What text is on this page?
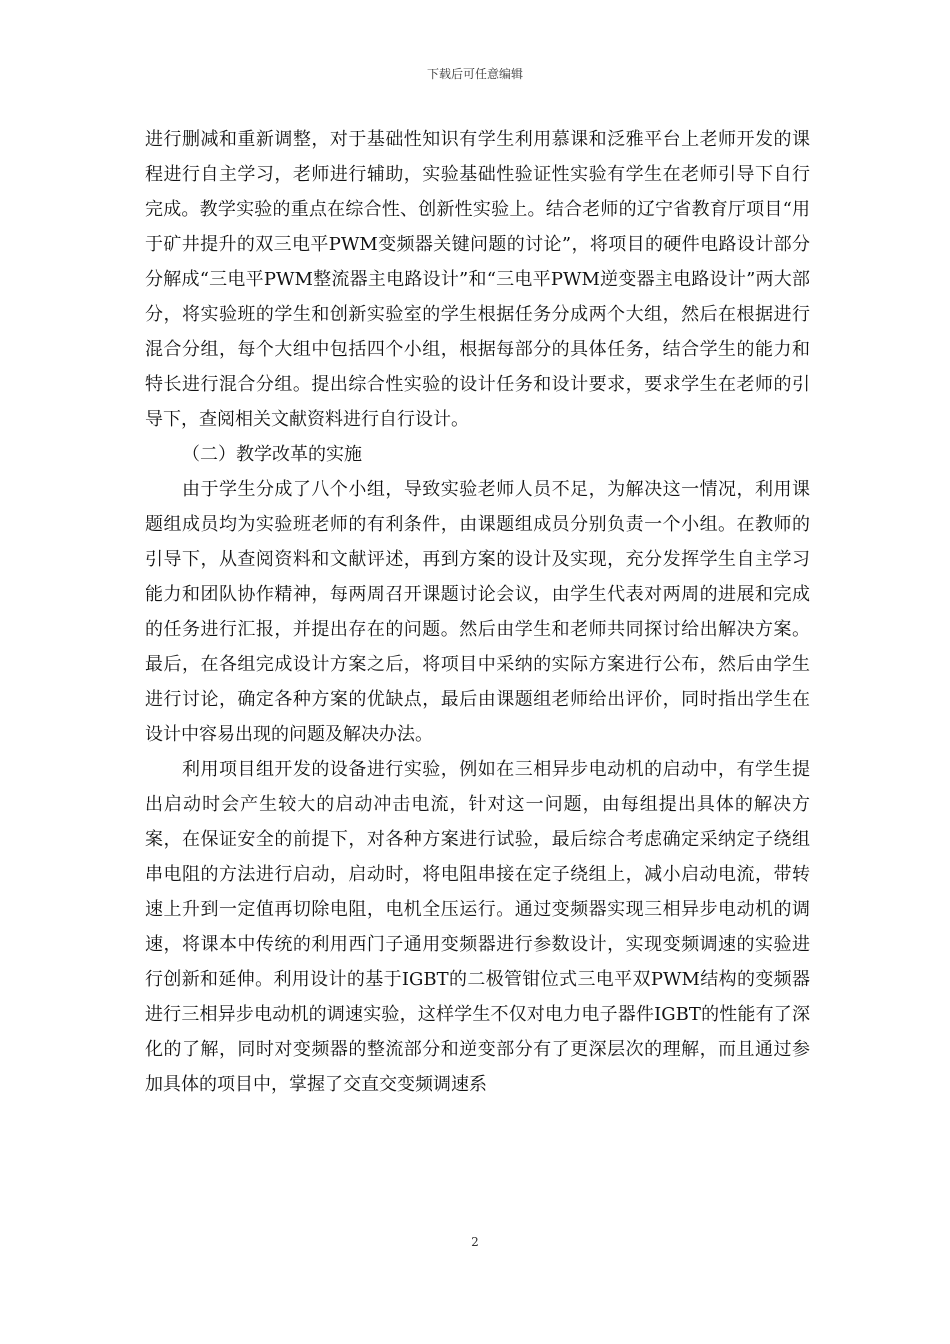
下载后可任意编辑

进行删减和重新调整，对于基础性知识有学生利用慕课和泛雅平台上老师开发的课程进行自主学习，老师进行辅助，实验基础性验证性实验有学生在老师引导下自行完成。教学实验的重点在综合性、创新性实验上。结合老师的辽宁省教育厅项目“用于矿井提升的双三电平PWM变频器关键问题的讨论”，将项目的硬件电路设计部分分解成“三电平PWM整流器主电路设计”和“三电平PWM逆变器主电路设计”两大部分，将实验班的学生和创新实验室的学生根据任务分成两个大组，然后在根据进行混合分组，每个大组中包括四个小组，根据每部分的具体任务，结合学生的能力和特长进行混合分组。提出综合性实验的设计任务和设计要求，要求学生在老师的引导下，查阅相关文献资料进行自行设计。

（二）教学改革的实施

由于学生分成了八个小组，导致实验老师人员不足，为解决这一情况，利用课题组成员均为实验班老师的有利条件，由课题组成员分别负责一个小组。在教师的引导下，从查阅资料和文献评述，再到方案的设计及实现，充分发挥学生自主学习能力和团队协作精神，每两周召开课题讨论会议，由学生代表对两周的进展和完成的任务进行汇报，并提出存在的问题。然后由学生和老师共同探讨给出解决方案。最后，在各组完成设计方案之后，将项目中采纳的实际方案进行公布，然后由学生进行讨论，确定各种方案的优缺点，最后由课题组老师给出评价，同时指出学生在设计中容易出现的问题及解决办法。

利用项目组开发的设备进行实验，例如在三相异步电动机的启动中，有学生提出启动时会产生较大的启动冲击电流，针对这一问题，由每组提出具体的解决方案，在保证安全的前提下，对各种方案进行试验，最后综合考虑确定采纳定子绕组串电阻的方法进行启动，启动时，将电阻串接在定子绕组上，减小启动电流，带转速上升到一定值再切除电阻，电机全压运行。通过变频器实现三相异步电动机的调速，将课本中传统的利用西门子通用变频器进行参数设计，实现变频调速的实验进行创新和延伸。利用设计的基于IGBT的二极管钳位式三电平双PWM结构的变频器进行三相异步电动机的调速实验，这样学生不仅对电力电子器件IGBT的性能有了深化的了解，同时对变频器的整流部分和逆变部分有了更深层次的理解，而且通过参加具体的项目中，掌握了交直交变频调速系

2
